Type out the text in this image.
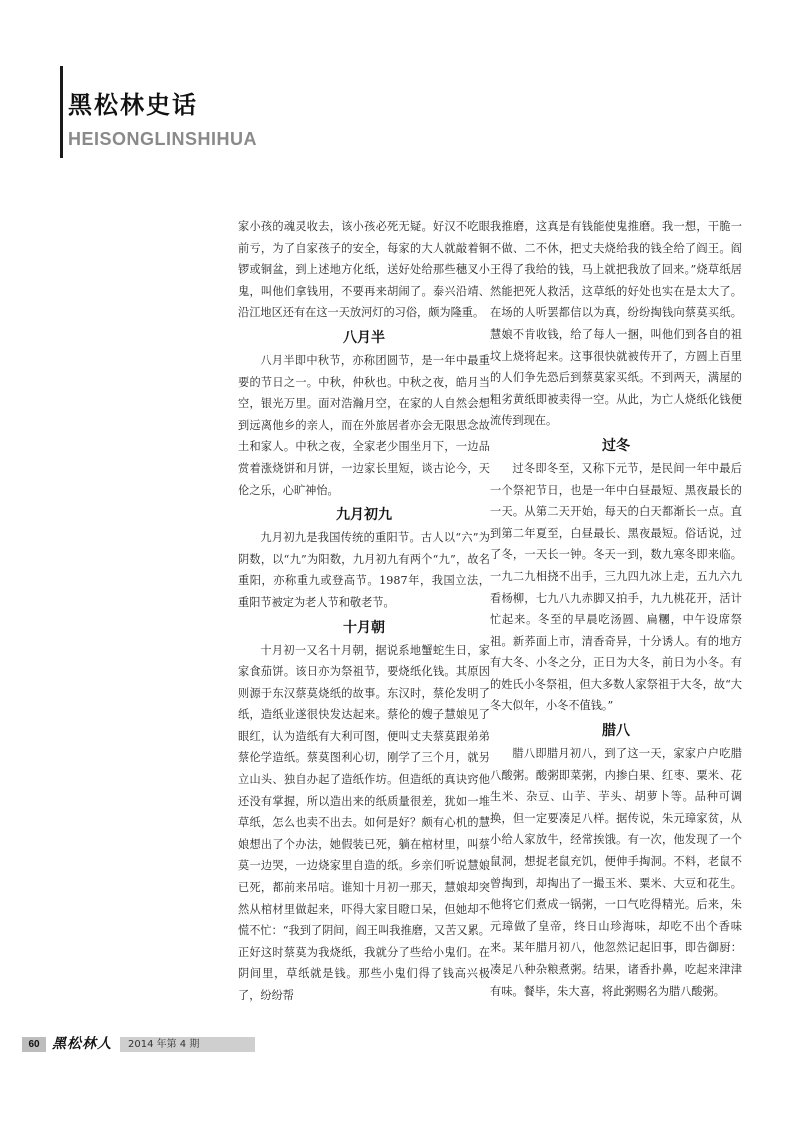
黑松林史话
HEISONGLINSHIHUA

家小孩的魂灵收去，该小孩必死无疑。好汉不吃眼前亏，为了自家孩子的安全，每家的大人就敲着铜锣或铜盆，到上述地方化纸，送好处给那些穗叉小鬼，叫他们拿钱用，不要再来胡闹了。泰兴沿靖、沿江地区还有在这一天放河灯的习俗，颇为隆重。

八月半

八月半即中秋节，亦称团圆节，是一年中最重要的节日之一。中秋，仲秋也。中秋之夜，皓月当空，银光万里。面对浩瀚月空，在家的人自然会想到远离他乡的亲人，而在外旅居者亦会无限思念故土和家人。中秋之夜，全家老少围坐月下，一边品赏着涨烧饼和月饼，一边家长里短，谈古论今，天伦之乐，心旷神怡。

九月初九

九月初九是我国传统的重阳节。古人以“六”为阴数，以“九”为阳数，九月初九有两个“九”，故名重阳，亦称重九或登高节。1987年，我国立法，重阳节被定为老人节和敬老节。

十月朝

十月初一又名十月朝，据说系地蟹蛇生日，家家食茄饼。该日亦为祭祖节，要烧纸化钱。其原因则源于东汉蔡莫烧纸的故事。东汉时，蔡伦发明了纸，造纸业遂很快发达起来。蔡伦的嫂子慧娘见了眼红，认为造纸有大利可图，便叫丈夫蔡莫跟弟弟蔡伦学造纸。蔡莫图利心切，刚学了三个月，就另立山头、独自办起了造纸作坊。但造纸的真诀窍他还没有掌握，所以造出来的纸质量很差，犹如一堆草纸，怎么也卖不出去。如何是好？颇有心机的慧娘想出了个办法，她假装已死，躺在棺材里，叫蔡莫一边哭，一边烧家里自造的纸。乡亲们听说慧娘已死，都前来吊唁。谁知十月初一那天，慧娘却突然从棺材里做起来，吓得大家目瞪口呆，但她却不慌不忙：“我到了阴间，阎王叫我推磨，又苦又累。正好这时蔡莫为我烧纸，我就分了些给小鬼们。在阴间里，草纸就是钱。那些小鬼们得了钱高兴极了，纷纷帮

我推磨，这真是有钱能使鬼推磨。我一想，干脆一不做、二不休，把丈夫烧给我的钱全给了阎王。阎王得了我给的钱，马上就把我放了回来。”烧草纸居然能把死人救活，这草纸的好处也实在是太大了。在场的人听罢都信以为真，纷纷掏钱向蔡莫买纸。慧娘不肯收钱，给了每人一捆，叫他们到各自的祖坟上烧将起来。这事很快就被传开了，方圆上百里的人们争先恐后到蔡莫家买纸。不到两天，满屋的粗劣黄纸即被卖得一空。从此，为亡人烧纸化钱便流传到现在。

过冬

过冬即冬至，又称下元节，是民间一年中最后一个祭祀节日，也是一年中白昼最短、黑夜最长的一天。从第二天开始，每天的白天都渐长一点。直到第二年夏至，白昼最长、黑夜最短。俗话说，过了冬，一天长一钟。冬天一到，数九寒冬即来临。一九二九相挠不出手，三九四九冰上走，五九六九看杨柳，七九八九赤脚又拍手，九九桃花开，活计忙起来。冬至的早晨吃汤圆、扁糰，中午设席祭祖。新荞面上市，清香奇异，十分诱人。有的地方有大冬、小冬之分，正日为大冬，前日为小冬。有的姓氏小冬祭祖，但大多数人家祭祖于大冬，故“大冬大似年，小冬不值钱。”

腊八

腊八即腊月初八，到了这一天，家家户户吃腊八酸粥。酸粥即菜粥，内掺白果、红枣、粟米、花生米、杂豆、山芋、芋头、胡萝卜等。品种可调换，但一定要凑足八样。据传说，朱元璋家贫，从小给人家放牛，经常挨饿。有一次，他发现了一个鼠洞，想捉老鼠充饥，便伸手掏洞。不料，老鼠不曾掏到，却掏出了一撮玉米、粟米、大豆和花生。他将它们煮成一锅粥，一口气吃得精光。后来，朱元璋做了皇帝，终日山珍海味，却吃不出个香味来。某年腊月初八，他忽然记起旧事，即告御厨：凑足八种杂粮煮粥。结果，诸香扑鼻，吃起来津津有味。餐毕，朱大喜，将此粥赐名为腊八酸粥。

60 黑松林人	2014 年第 4 期
